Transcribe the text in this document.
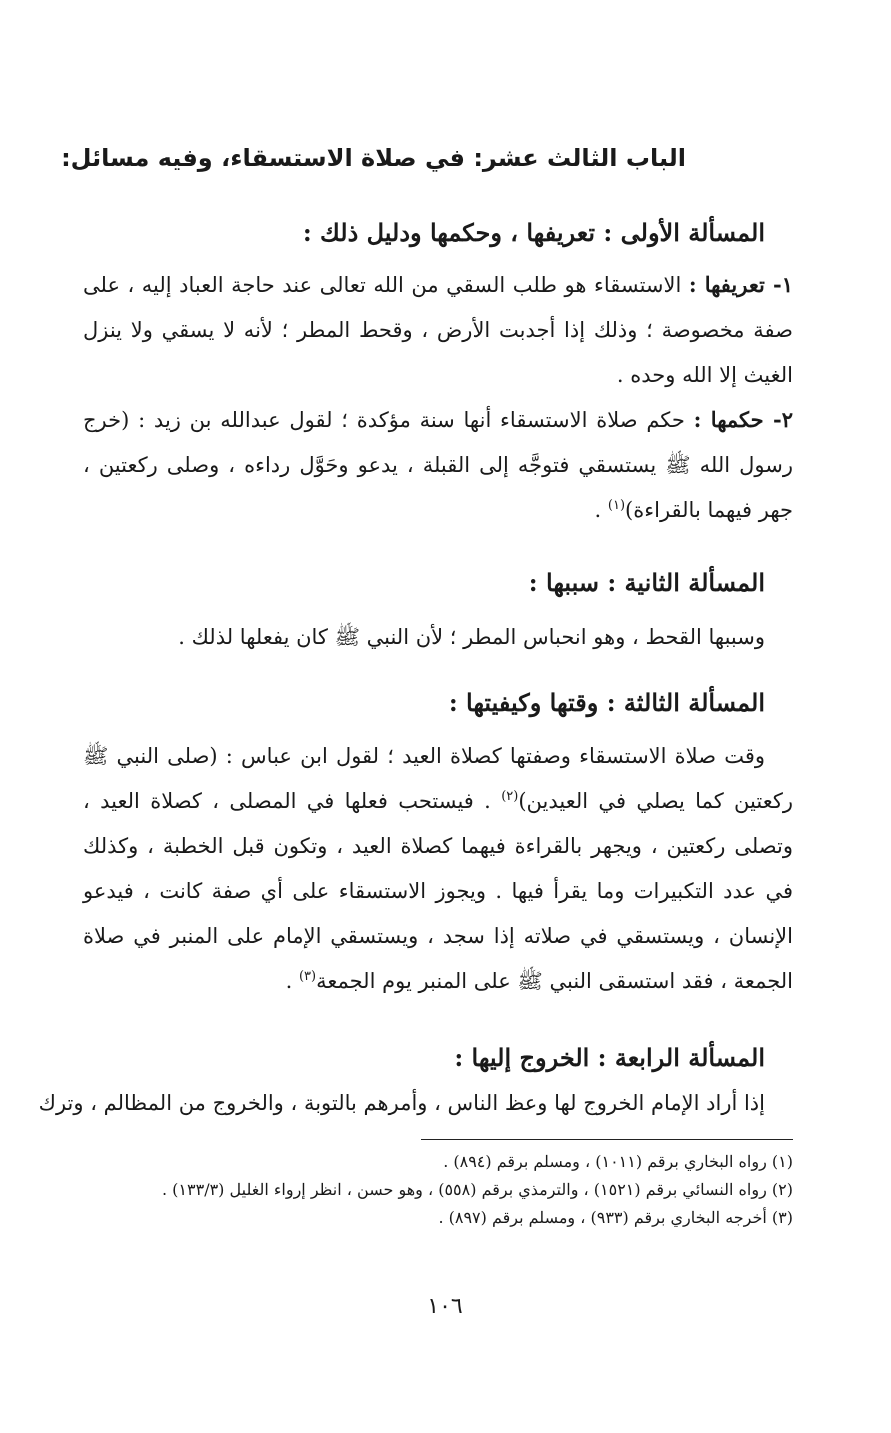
الباب الثالث عشر: في صلاة الاستسقاء، وفيه مسائل:
المسألة الأولى : تعريفها ، وحكمها ودليل ذلك :

١- تعريفها : الاستسقاء هو طلب السقي من الله تعالى عند حاجة العباد إليه ، على صفة مخصوصة ؛ وذلك إذا أجدبت الأرض ، وقحط المطر ؛ لأنه لا يسقي ولا ينزل الغيث إلا الله وحده .

٢- حكمها : حكم صلاة الاستسقاء أنها سنة مؤكدة ؛ لقول عبدالله بن زيد : (خرج رسول الله ﷺ يستسقي فتوجَّه إلى القبلة ، يدعو وحَوَّل رداءه ، وصلى ركعتين ، جهر فيهما بالقراءة)$^{(١)}$ .

المسألة الثانية : سببها :

وسببها القحط ، وهو انحباس المطر ؛ لأن النبي ﷺ كان يفعلها لذلك .

المسألة الثالثة : وقتها وكيفيتها :

وقت صلاة الاستسقاء وصفتها كصلاة العيد ؛ لقول ابن عباس : (صلى النبي ﷺ ركعتين كما يصلي في العيدين)$^{(٢)}$ . فيستحب فعلها في المصلى ، كصلاة العيد ، وتصلى ركعتين ، ويجهر بالقراءة فيهما كصلاة العيد ، وتكون قبل الخطبة ، وكذلك في عدد التكبيرات وما يقرأ فيها . ويجوز الاستسقاء على أي صفة كانت ، فيدعو الإنسان ، ويستسقي في صلاته إذا سجد ، ويستسقي الإمام على المنبر في صلاة الجمعة ، فقد استسقى النبي ﷺ على المنبر يوم الجمعة$^{(٣)}$ .

المسألة الرابعة : الخروج إليها :

إذا أراد الإمام الخروج لها وعظ الناس ، وأمرهم بالتوبة ، والخروج من المظالم ، وترك

(١) رواه البخاري برقم (١٠١١) ، ومسلم برقم (٨٩٤) .
(٢) رواه النسائي برقم (١٥٢١) ، والترمذي برقم (٥٥٨) ، وهو حسن ، انظر إرواء الغليل (١٣٣/٣) .
(٣) أخرجه البخاري برقم (٩٣٣) ، ومسلم برقم (٨٩٧) .
١٠٦
